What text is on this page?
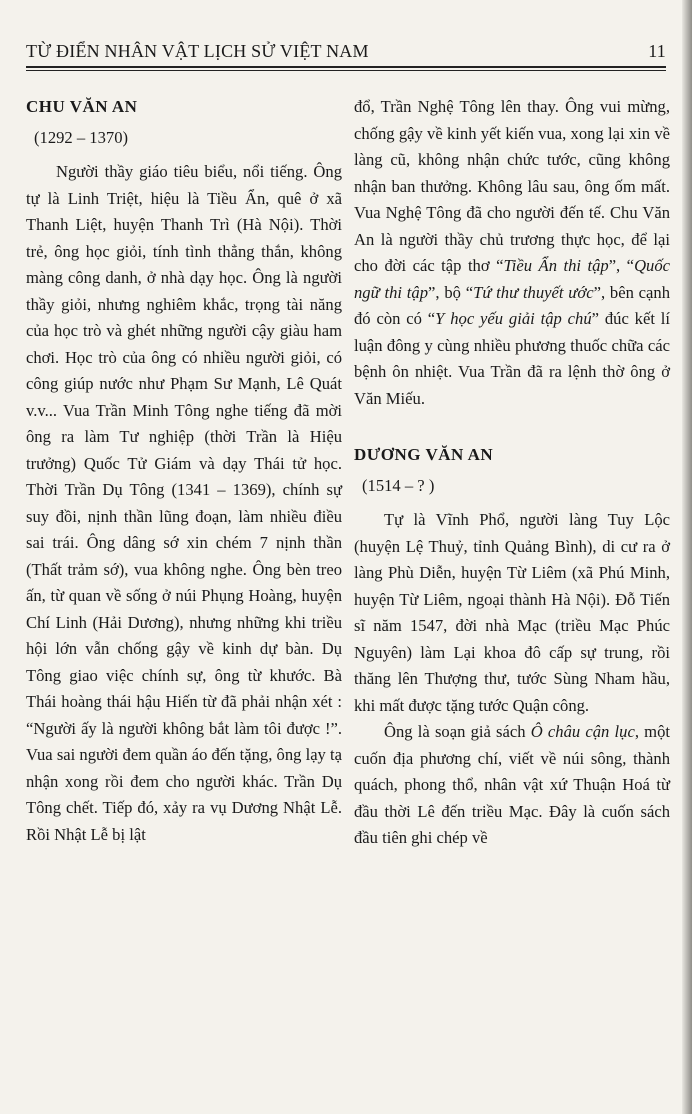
TỪ ĐIỂN NHÂN VẬT LỊCH SỬ VIỆT NAM	11
CHU VĂN AN
(1292 – 1370)

Người thầy giáo tiêu biểu, nổi tiếng. Ông tự là Linh Triệt, hiệu là Tiều Ẩn, quê ở xã Thanh Liệt, huyện Thanh Trì (Hà Nội). Thời trẻ, ông học giỏi, tính tình thẳng thắn, không màng công danh, ở nhà dạy học. Ông là người thầy giỏi, nhưng nghiêm khắc, trọng tài năng của học trò và ghét những người cậy giàu ham chơi. Học trò của ông có nhiều người giỏi, có công giúp nước như Phạm Sư Mạnh, Lê Quát v.v... Vua Trần Minh Tông nghe tiếng đã mời ông ra làm Tư nghiệp (thời Trần là Hiệu trưởng) Quốc Tử Giám và dạy Thái tử học. Thời Trần Dụ Tông (1341 – 1369), chính sự suy đồi, nịnh thần lũng đoạn, làm nhiều điều sai trái. Ông dâng sớ xin chém 7 nịnh thần (Thất trảm sớ), vua không nghe. Ông bèn treo ấn, từ quan về sống ở núi Phụng Hoàng, huyện Chí Linh (Hải Dương), nhưng những khi triều hội lớn vẫn chống gậy về kinh dự bàn. Dụ Tông giao việc chính sự, ông từ khước. Bà Thái hoàng thái hậu Hiến từ đã phải nhận xét : “Người ấy là người không bắt làm tôi được !”. Vua sai người đem quần áo đến tặng, ông lạy tạ nhận xong rồi đem cho người khác. Trần Dụ Tông chết. Tiếp đó, xảy ra vụ Dương Nhật Lễ. Rồi Nhật Lễ bị lật

đổ, Trần Nghệ Tông lên thay. Ông vui mừng, chống gậy về kinh yết kiến vua, xong lại xin về làng cũ, không nhận chức tước, cũng không nhận ban thưởng. Không lâu sau, ông ốm mất. Vua Nghệ Tông đã cho người đến tế. Chu Văn An là người thầy chủ trương thực học, để lại cho đời các tập thơ “Tiều Ẩn thi tập”, “Quốc ngữ thi tập”, bộ “Tứ thư thuyết ước”, bên cạnh đó còn có “Y học yếu giải tập chú” đúc kết lí luận đông y cùng nhiều phương thuốc chữa các bệnh ôn nhiệt. Vua Trần đã ra lệnh thờ ông ở Văn Miếu.

DƯƠNG VĂN AN
(1514 – ? )

Tự là Vĩnh Phổ, người làng Tuy Lộc (huyện Lệ Thuỷ, tỉnh Quảng Bình), di cư ra ở làng Phù Diễn, huyện Từ Liêm (xã Phú Minh, huyện Từ Liêm, ngoại thành Hà Nội). Đỗ Tiến sĩ năm 1547, đời nhà Mạc (triều Mạc Phúc Nguyên) làm Lại khoa đô cấp sự trung, rồi thăng lên Thượng thư, tước Sùng Nham hầu, khi mất được tặng tước Quận công.

Ông là soạn giả sách Ô châu cận lục, một cuốn địa phương chí, viết về núi sông, thành quách, phong thổ, nhân vật xứ Thuận Hoá từ đầu thời Lê đến triều Mạc. Đây là cuốn sách đầu tiên ghi chép về
